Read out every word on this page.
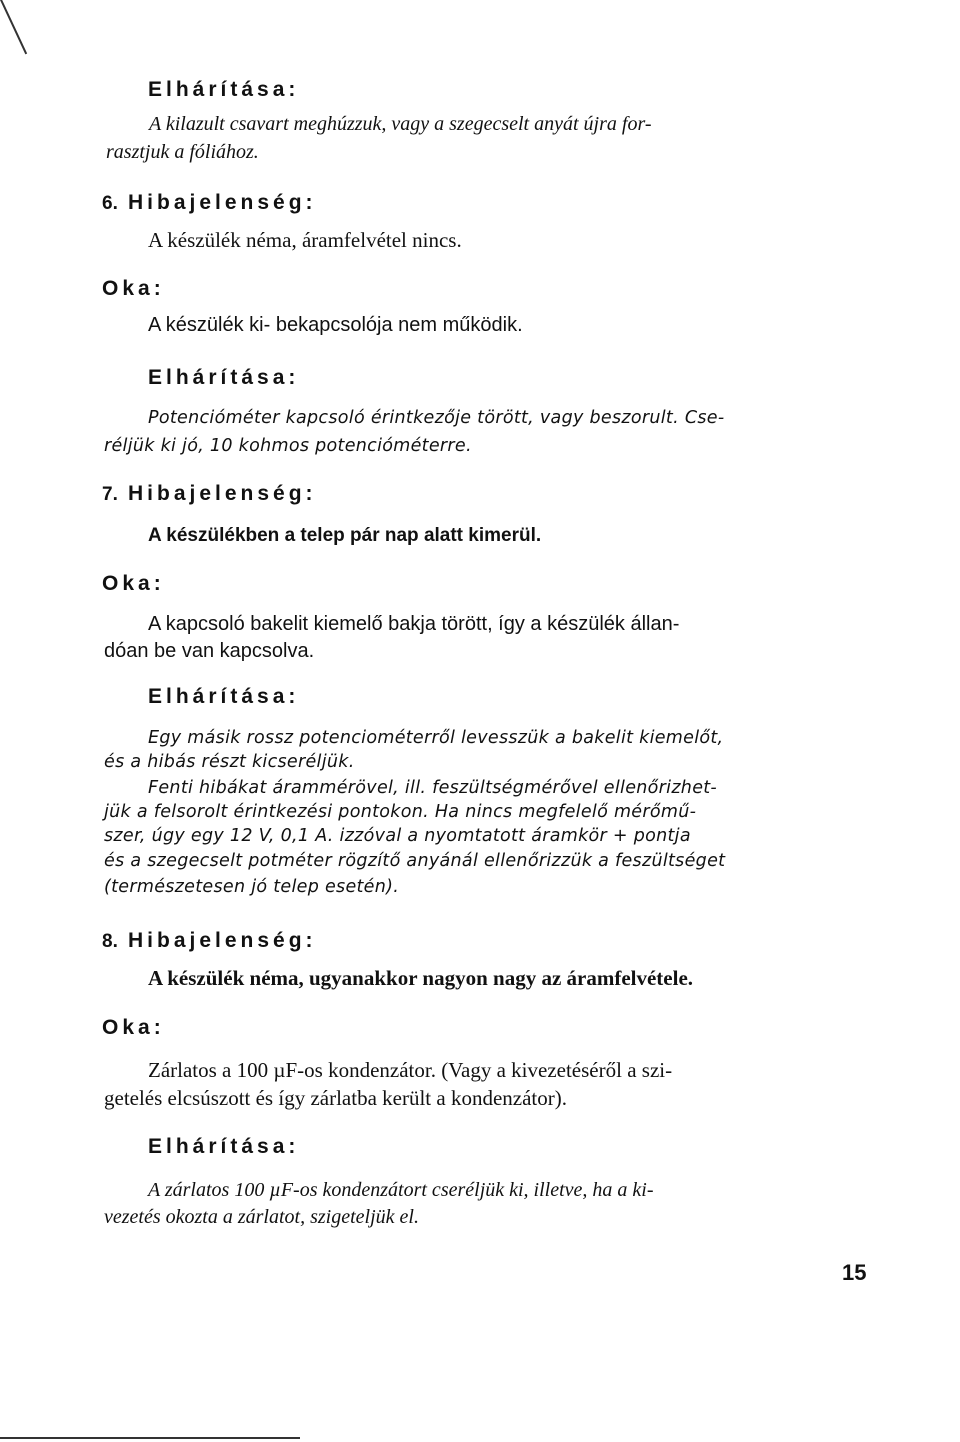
Elhárítása:
A kilazult csavart meghúzzuk, vagy a szegecselt anyát újra for-
rasztjuk a fóliához.
6. Hibajelenség:
A készülék néma, áramfelvétel nincs.
Oka:
A készülék ki- bekapcsolója nem működik.
Elhárítása:
Potencióméter kapcsoló érintkezője törött, vagy beszorult. Cse-
réljük ki jó, 10 kohmos potencióméterre.
7. Hibajelenség:
A készülékben a telep pár nap alatt kimerül.
Oka:
A kapcsoló bakelit kiemelő bakja törött, így a készülék állan-
dóan be van kapcsolva.
Elhárítása:
Egy másik rossz potenciométerről levesszük a bakelit kiemelőt,
és a hibás részt kicseréljük.
Fenti hibákat árammérövel, ill. feszültségmérővel ellenőrizhet-
jük a felsorolt érintkezési pontokon. Ha nincs megfelelő mérőmű-
szer, úgy egy 12 V, 0,1 A. izzóval a nyomtatott áramkör + pontja
és a szegecselt potméter rögzítő anyánál ellenőrizzük a feszültséget
(természetesen jó telep esetén).
8. Hibajelenség:
A készülék néma, ugyanakkor nagyon nagy az áramfelvétele.
Oka:
Zárlatos a 100 µF-os kondenzátor. (Vagy a kivezetéséről a szi-
getelés elcsúszott és így zárlatba került a kondenzátor).
Elhárítása:
A zárlatos 100 µF-os kondenzátort cseréljük ki, illetve, ha a ki-
vezetés okozta a zárlatot, szigeteljük el.
15
